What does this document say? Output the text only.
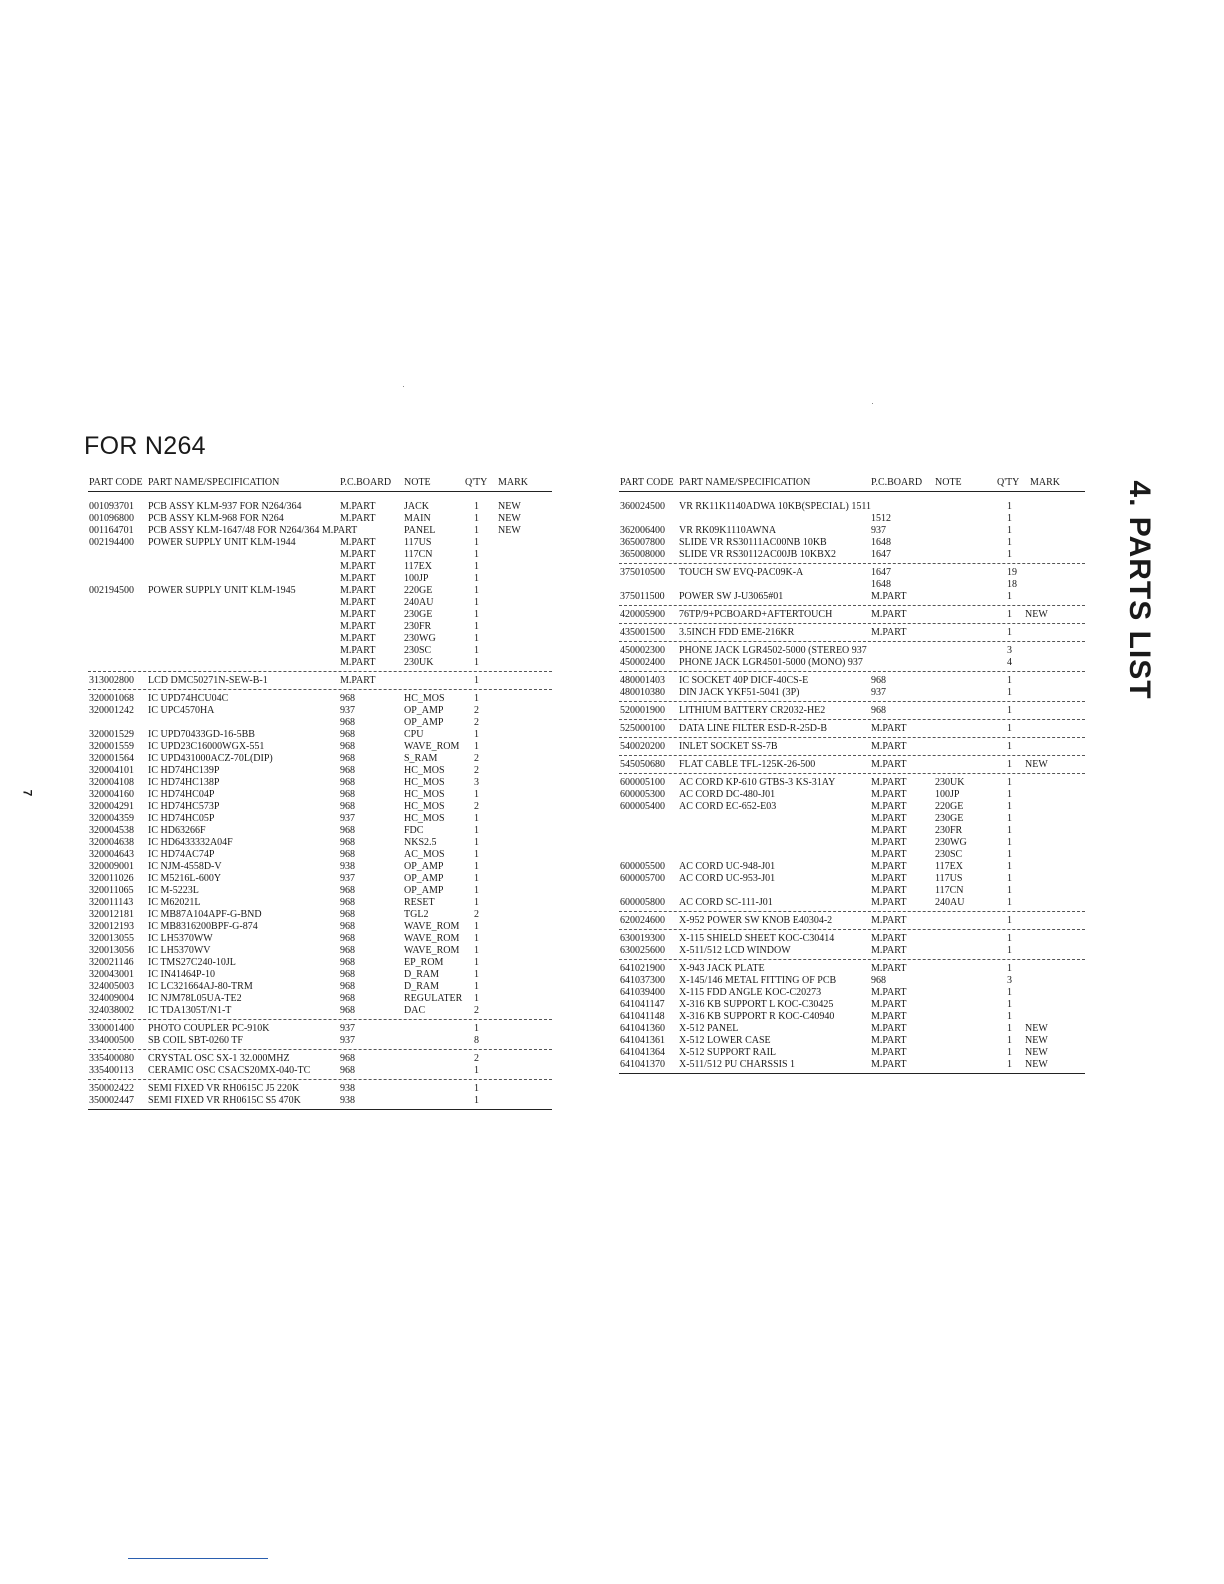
FOR N264
4. PARTS LIST
7
PART CODE PART NAME/SPECIFICATION	P.C.BOARD NOTE	Q'TY MARK
001093701 PCB ASSY KLM-937 FOR N264/364	M.PART	JACK	1 NEW
001096800 PCB ASSY KLM-968 FOR N264	M.PART	MAIN	1 NEW
001164701 PCB ASSY KLM-1647/48 FOR N264/364 M.PART	PANEL	1 NEW
002194400 POWER SUPPLY UNIT KLM-1944	M.PART	117US	1
M.PART	117CN	1
M.PART	117EX	1
M.PART	100JP	1
002194500 POWER SUPPLY UNIT KLM-1945	M.PART	220GE	1
M.PART	240AU	1
M.PART	230GE	1
M.PART	230FR	1
M.PART	230WG	1
M.PART	230SC	1
M.PART	230UK	1
313002800 LCD DMC50271N-SEW-B-1	M.PART	1
320001068 IC UPD74HCU04C	968	HC_MOS	1
320001242 IC UPC4570HA	937	OP_AMP	2
968	OP_AMP	2
320001529 IC UPD70433GD-16-5BB	968	CPU	1
320001559 IC UPD23C16000WGX-551	968	WAVE_ROM 1
320001564 IC UPD431000ACZ-70L(DIP)	968	S_RAM	2
320004101 IC HD74HC139P	968	HC_MOS	2
320004108 IC HD74HC138P	968	HC_MOS	3
320004160 IC HD74HC04P	968	HC_MOS	1
320004291 IC HD74HC573P	968	HC_MOS	2
320004359 IC HD74HC05P	937	HC_MOS	1
320004538 IC HD63266F	968	FDC	1
320004638 IC HD6433332A04F	968	NKS2.5	1
320004643 IC HD74AC74P	968	AC_MOS	1
320009001 IC NJM-4558D-V	938	OP_AMP	1
320011026 IC M5216L-600Y	937	OP_AMP	1
320011065 IC M-5223L	968	OP_AMP	1
320011143 IC M62021L	968	RESET	1
320012181 IC MB87A104APF-G-BND	968	TGL2	2
320012193 IC MB8316200BPF-G-874	968	WAVE_ROM 1
320013055 IC LH5370WW	968	WAVE_ROM 1
320013056 IC LH5370WV	968	WAVE_ROM 1
320021146 IC TMS27C240-10JL	968	EP_ROM	1
320043001 IC IN41464P-10	968	D_RAM	1
324005003 IC LC321664AJ-80-TRM	968	D_RAM	1
324009004 IC NJM78L05UA-TE2	968	REGULATER 1
324038002 IC TDA1305T/N1-T	968	DAC	2
330001400 PHOTO COUPLER PC-910K	937	1
334000500 SB COIL SBT-0260 TF	937	8
335400080 CRYSTAL OSC SX-1 32.000MHZ	968	2
335400113 CERAMIC OSC CSACS20MX-040-TC	968	1
350002422 SEMI FIXED VR RH0615C J5 220K	938	1
350002447 SEMI FIXED VR RH0615C S5 470K	938	1
PART CODE PART NAME/SPECIFICATION	P.C.BOARD NOTE	Q'TY MARK
360024500 VR RK11K1140ADWA 10KB(SPECIAL) 1511	1
1512	1
362006400 VR RK09K1110AWNA	937	1
365007800 SLIDE VR RS30111AC00NB 10KB	1648	1
365008000 SLIDE VR RS30112AC00JB 10KBX2	1647	1
375010500 TOUCH SW EVQ-PAC09K-A	1647	19
1648	18
375011500 POWER SW J-U3065#01	M.PART	1
420005900 76TP/9+PCBOARD+AFTERTOUCH	M.PART	1 NEW
435001500 3.5INCH FDD EME-216KR	M.PART	1
450002300 PHONE JACK LGR4502-5000 (STEREO 937	3
450002400 PHONE JACK LGR4501-5000 (MONO) 937	4
480001403 IC SOCKET 40P DICF-40CS-E	968	1
480010380 DIN JACK YKF51-5041 (3P)	937	1
520001900 LITHIUM BATTERY CR2032-HE2	968	1
525000100 DATA LINE FILTER ESD-R-25D-B	M.PART	1
540020200 INLET SOCKET SS-7B	M.PART	1
545050680 FLAT CABLE TFL-125K-26-500	M.PART	1 NEW
600005100 AC CORD KP-610 GTBS-3 KS-31AY	M.PART	230UK	1
600005300 AC CORD DC-480-J01	M.PART	100JP	1
600005400 AC CORD EC-652-E03	M.PART	220GE	1
M.PART	230GE	1
M.PART	230FR	1
M.PART	230WG	1
M.PART	230SC	1
600005500 AC CORD UC-948-J01	M.PART	117EX	1
600005700 AC CORD UC-953-J01	M.PART	117US	1
M.PART	117CN	1
600005800 AC CORD SC-111-J01	M.PART	240AU	1
620024600 X-952 POWER SW KNOB E40304-2	M.PART	1
630019300 X-115 SHIELD SHEET KOC-C30414	M.PART	1
630025600 X-511/512 LCD WINDOW	M.PART	1
641021900 X-943 JACK PLATE	M.PART	1
641037300 X-145/146 METAL FITTING OF PCB	968	3
641039400 X-115 FDD ANGLE KOC-C20273	M.PART	1
641041147 X-316 KB SUPPORT L KOC-C30425	M.PART	1
641041148 X-316 KB SUPPORT R KOC-C40940	M.PART	1
641041360 X-512 PANEL	M.PART	1 NEW
641041361 X-512 LOWER CASE	M.PART	1 NEW
641041364 X-512 SUPPORT RAIL	M.PART	1 NEW
641041370 X-511/512 PU CHARSSIS 1	M.PART	1 NEW
